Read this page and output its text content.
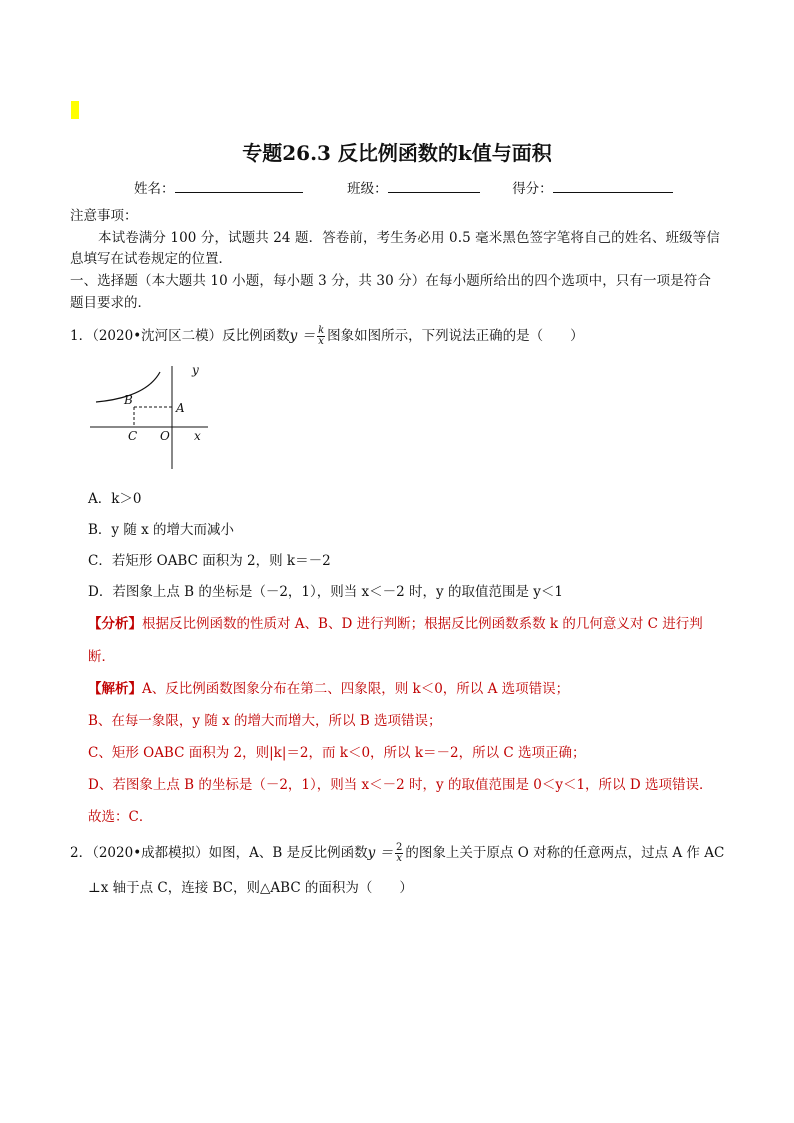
专题26.3 反比例函数的k值与面积
姓名：	班级：	得分：
注意事项：
本试卷满分 100 分，试题共 24 题．答卷前，考生务必用 0.5 毫米黑色签字笔将自己的姓名、班级等信
息填写在试卷规定的位置．
一、选择题（本大题共 10 小题，每小题 3 分，共 30 分）在每小题所给出的四个选项中，只有一项是符合
题目要求的．
1．（2020•沈河区二模）反比例函数$y = \frac{k}{x}$ 图象如图所示，下列说法正确的是（　　）
y
B
A
C O x
A．k＞0
B．y 随 x 的增大而减小
C．若矩形 OABC 面积为 2，则 k＝－2
D．若图象上点 B 的坐标是（－2，1），则当 x＜－2 时，y 的取值范围是 y＜1
【分析】根据反比例函数的性质对 A、B、D 进行判断；根据反比例函数系数 k 的几何意义对 C 进行判
断．
【解析】A、反比例函数图象分布在第二、四象限，则 k＜0，所以 A 选项错误；
B、在每一象限，y 随 x 的增大而增大，所以 B 选项错误；
C、矩形 OABC 面积为 2，则|k|＝2，而 k＜0，所以 k＝－2，所以 C 选项正确；
D、若图象上点 B 的坐标是（－2，1），则当 x＜－2 时，y 的取值范围是 0＜y＜1，所以 D 选项错误．
故选：C．
2．（2020•成都模拟）如图，A、B 是反比例函数$y = \frac{2}{x}$ 的图象上关于原点 O 对称的任意两点，过点 A 作 AC
⊥x 轴于点 C，连接 BC，则△ABC 的面积为（　　）
